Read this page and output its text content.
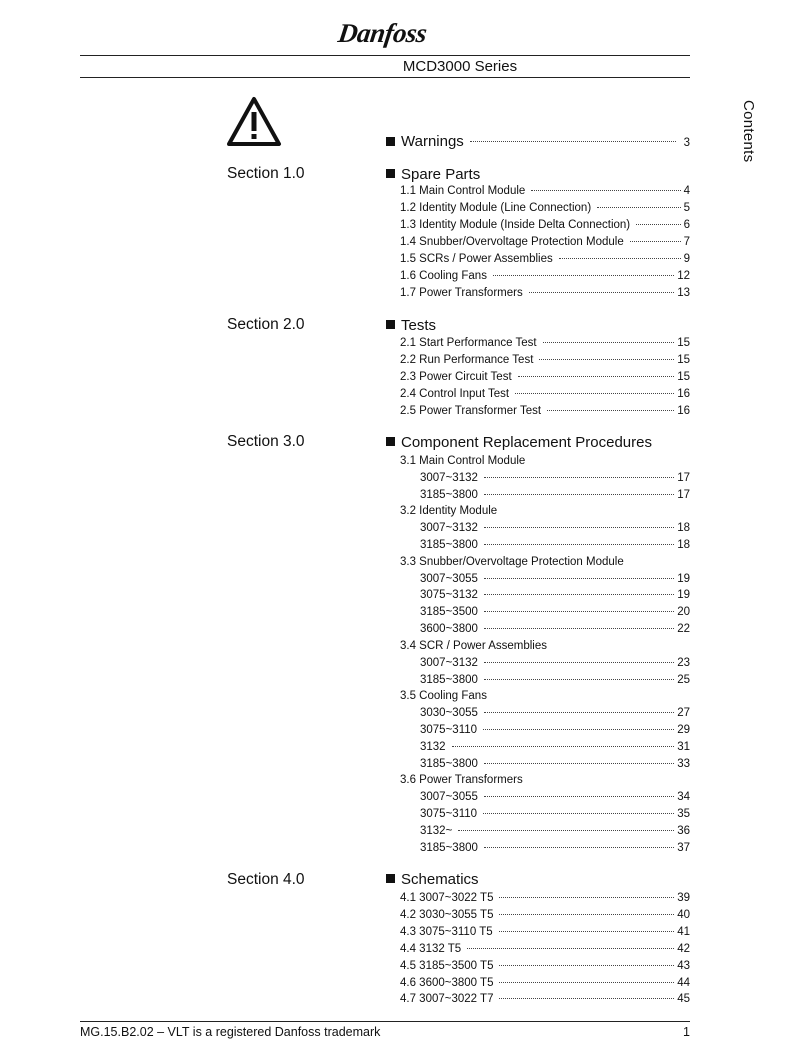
Danfoss
MCD3000 Series
Contents
Warnings	3
Section 1.0	Spare Parts
1.1 Main Control Module	4
1.2 Identity Module (Line Connection)	5
1.3 Identity Module (Inside Delta Connection)	6
1.4 Snubber/Overvoltage Protection Module	7
1.5 SCRs / Power Assemblies	9
1.6 Cooling Fans	12
1.7 Power Transformers	13
Section 2.0	Tests
2.1 Start Performance Test	15
2.2 Run Performance Test	15
2.3 Power Circuit Test	15
2.4 Control Input Test	16
2.5 Power Transformer Test	16
Section 3.0	Component Replacement Procedures
3.1 Main Control Module
3007~3132	17
3185~3800	17
3.2 Identity Module
3007~3132	18
3185~3800	18
3.3 Snubber/Overvoltage Protection Module
3007~3055	19
3075~3132	19
3185~3500	20
3600~3800	22
3.4 SCR / Power Assemblies
3007~3132	23
3185~3800	25
3.5 Cooling Fans
3030~3055	27
3075~3110	29
3132	31
3185~3800	33
3.6 Power Transformers
3007~3055	34
3075~3110	35
3132~	36
3185~3800	37
Section 4.0	Schematics
4.1 3007~3022 T5	39
4.2 3030~3055 T5	40
4.3 3075~3110 T5	41
4.4 3132 T5	42
4.5 3185~3500 T5	43
4.6 3600~3800 T5	44
4.7 3007~3022 T7	45
MG.15.B2.02 – VLT is a registered Danfoss trademark	1
